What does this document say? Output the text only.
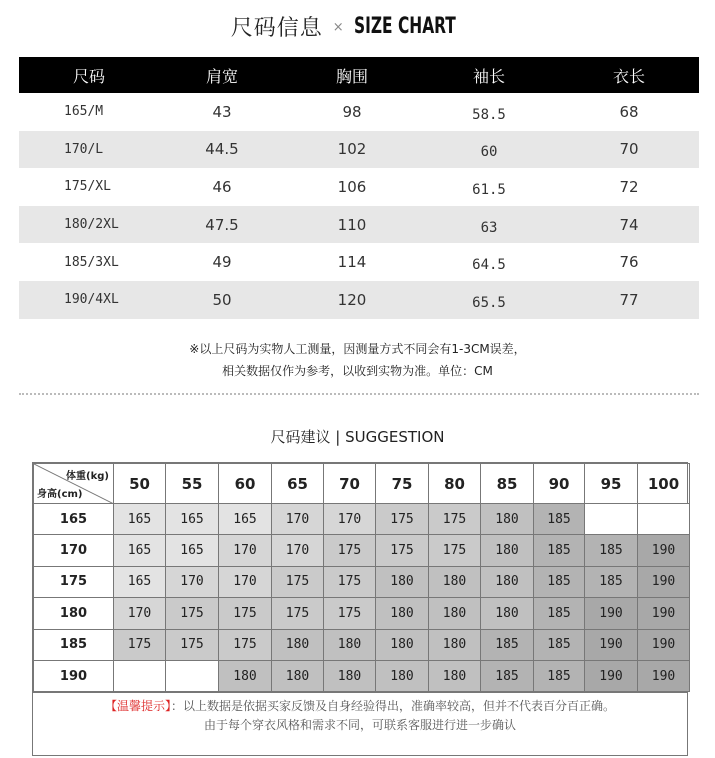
尺码信息 × SIZE CHART
尺码	肩宽	胸围	袖长	衣长
165/M	43	98	58.5	68
170/L	44.5	102	60	70
175/XL	46	106	61.5	72
180/2XL	47.5	110	63	74
185/3XL	49	114	64.5	76
190/4XL	50	120	65.5	77
※以上尺码为实物人工测量，因测量方式不同会有1-3CM误差，
相关数据仅作为参考，以收到实物为准。单位：CM
尺码建议 | SUGGESTION
体重(kg)
身高(cm)	50	55	60	65	70	75	80	85	90	95	100
165	165	165	165	170	170	175	175	180	185		
170	165	165	170	170	175	175	175	180	185	185	190
175	165	170	170	175	175	180	180	180	185	185	190
180	170	175	175	175	175	180	180	180	185	190	190
185	175	175	175	180	180	180	180	185	185	190	190
190			180	180	180	180	180	185	185	190	190
【温馨提示】：以上数据是依据买家反馈及自身经验得出，准确率较高，但并不代表百分百正确。
由于每个穿衣风格和需求不同，可联系客服进行进一步确认
